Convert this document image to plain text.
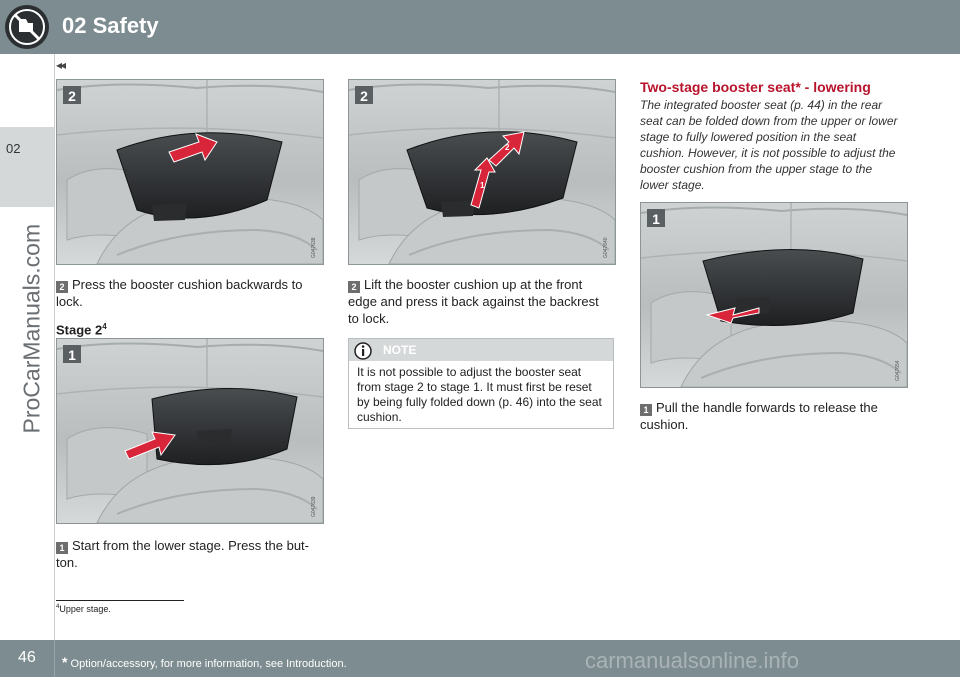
02 Safety
02
ProCarManuals.com
◂◂
2
G047638

2 Press the booster cushion backwards to lock.

Stage $2^4$
1
G047639

1 Start from the lower stage. Press the but-ton.

2
1
2
G047640

2 Lift the booster cushion up at the front edge and press it back against the backrest to lock.

NOTE

It is not possible to adjust the booster seat from stage 2 to stage 1. It must first be reset by being fully folded down (p. 46) into the seat cushion.

Two-stage booster seat* - lowering

The integrated booster seat (p. 44) in the rear seat can be folded down from the upper or lower stage to fully lowered position in the seat cushion. However, it is not possible to adjust the booster cushion from the upper stage to the lower stage.

1
G047654

1 Pull the handle forwards to release the cushion.

$^4$Upper stage.
46 * Option/accessory, for more information, see Introduction.	carmanualsonline.info
